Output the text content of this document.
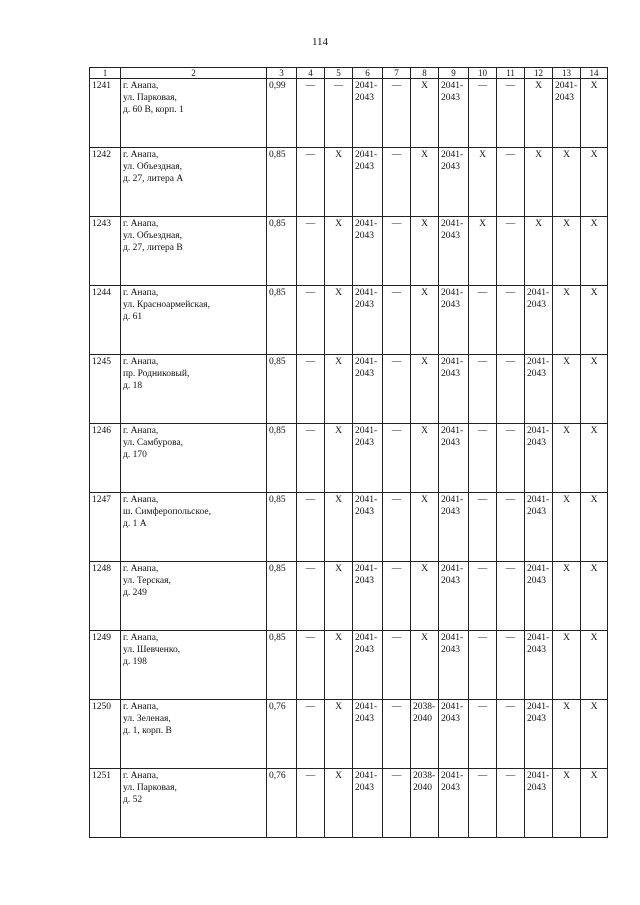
114
1	2	3	4	5	6	7	8	9	10	11	12	13	14
1241	г. Анапа,
ул. Парковая,
д. 60 В, корп. 1	0,99	—	—	2041-2043	—	X	2041-2043	—	—	X	2041-2043	X
1242	г. Анапа,
ул. Объездная,
д. 27, литера А	0,85	—	X	2041-2043	—	X	2041-2043	X	—	X	X	X
1243	г. Анапа,
ул. Объездная,
д. 27, литера В	0,85	—	X	2041-2043	—	X	2041-2043	X	—	X	X	X
1244	г. Анапа,
ул. Красноармейская,
д. 61	0,85	—	X	2041-2043	—	X	2041-2043	—	—	2041-2043	X	X
1245	г. Анапа,
пр. Родниковый,
д. 18	0,85	—	X	2041-2043	—	X	2041-2043	—	—	2041-2043	X	X
1246	г. Анапа,
ул. Самбурова,
д. 170	0,85	—	X	2041-2043	—	X	2041-2043	—	—	2041-2043	X	X
1247	г. Анапа,
ш. Симферопольское,
д. 1 А	0,85	—	X	2041-2043	—	X	2041-2043	—	—	2041-2043	X	X
1248	г. Анапа,
ул. Терская,
д. 249	0,85	—	X	2041-2043	—	X	2041-2043	—	—	2041-2043	X	X
1249	г. Анапа,
ул. Шевченко,
д. 198	0,85	—	X	2041-2043	—	X	2041-2043	—	—	2041-2043	X	X
1250	г. Анапа,
ул. Зеленая,
д. 1, корп. В	0,76	—	X	2041-2043	—	2038-2040	2041-2043	—	—	2041-2043	X	X
1251	г. Анапа,
ул. Парковая,
д. 52	0,76	—	X	2041-2043	—	2038-2040	2041-2043	—	—	2041-2043	X	X
